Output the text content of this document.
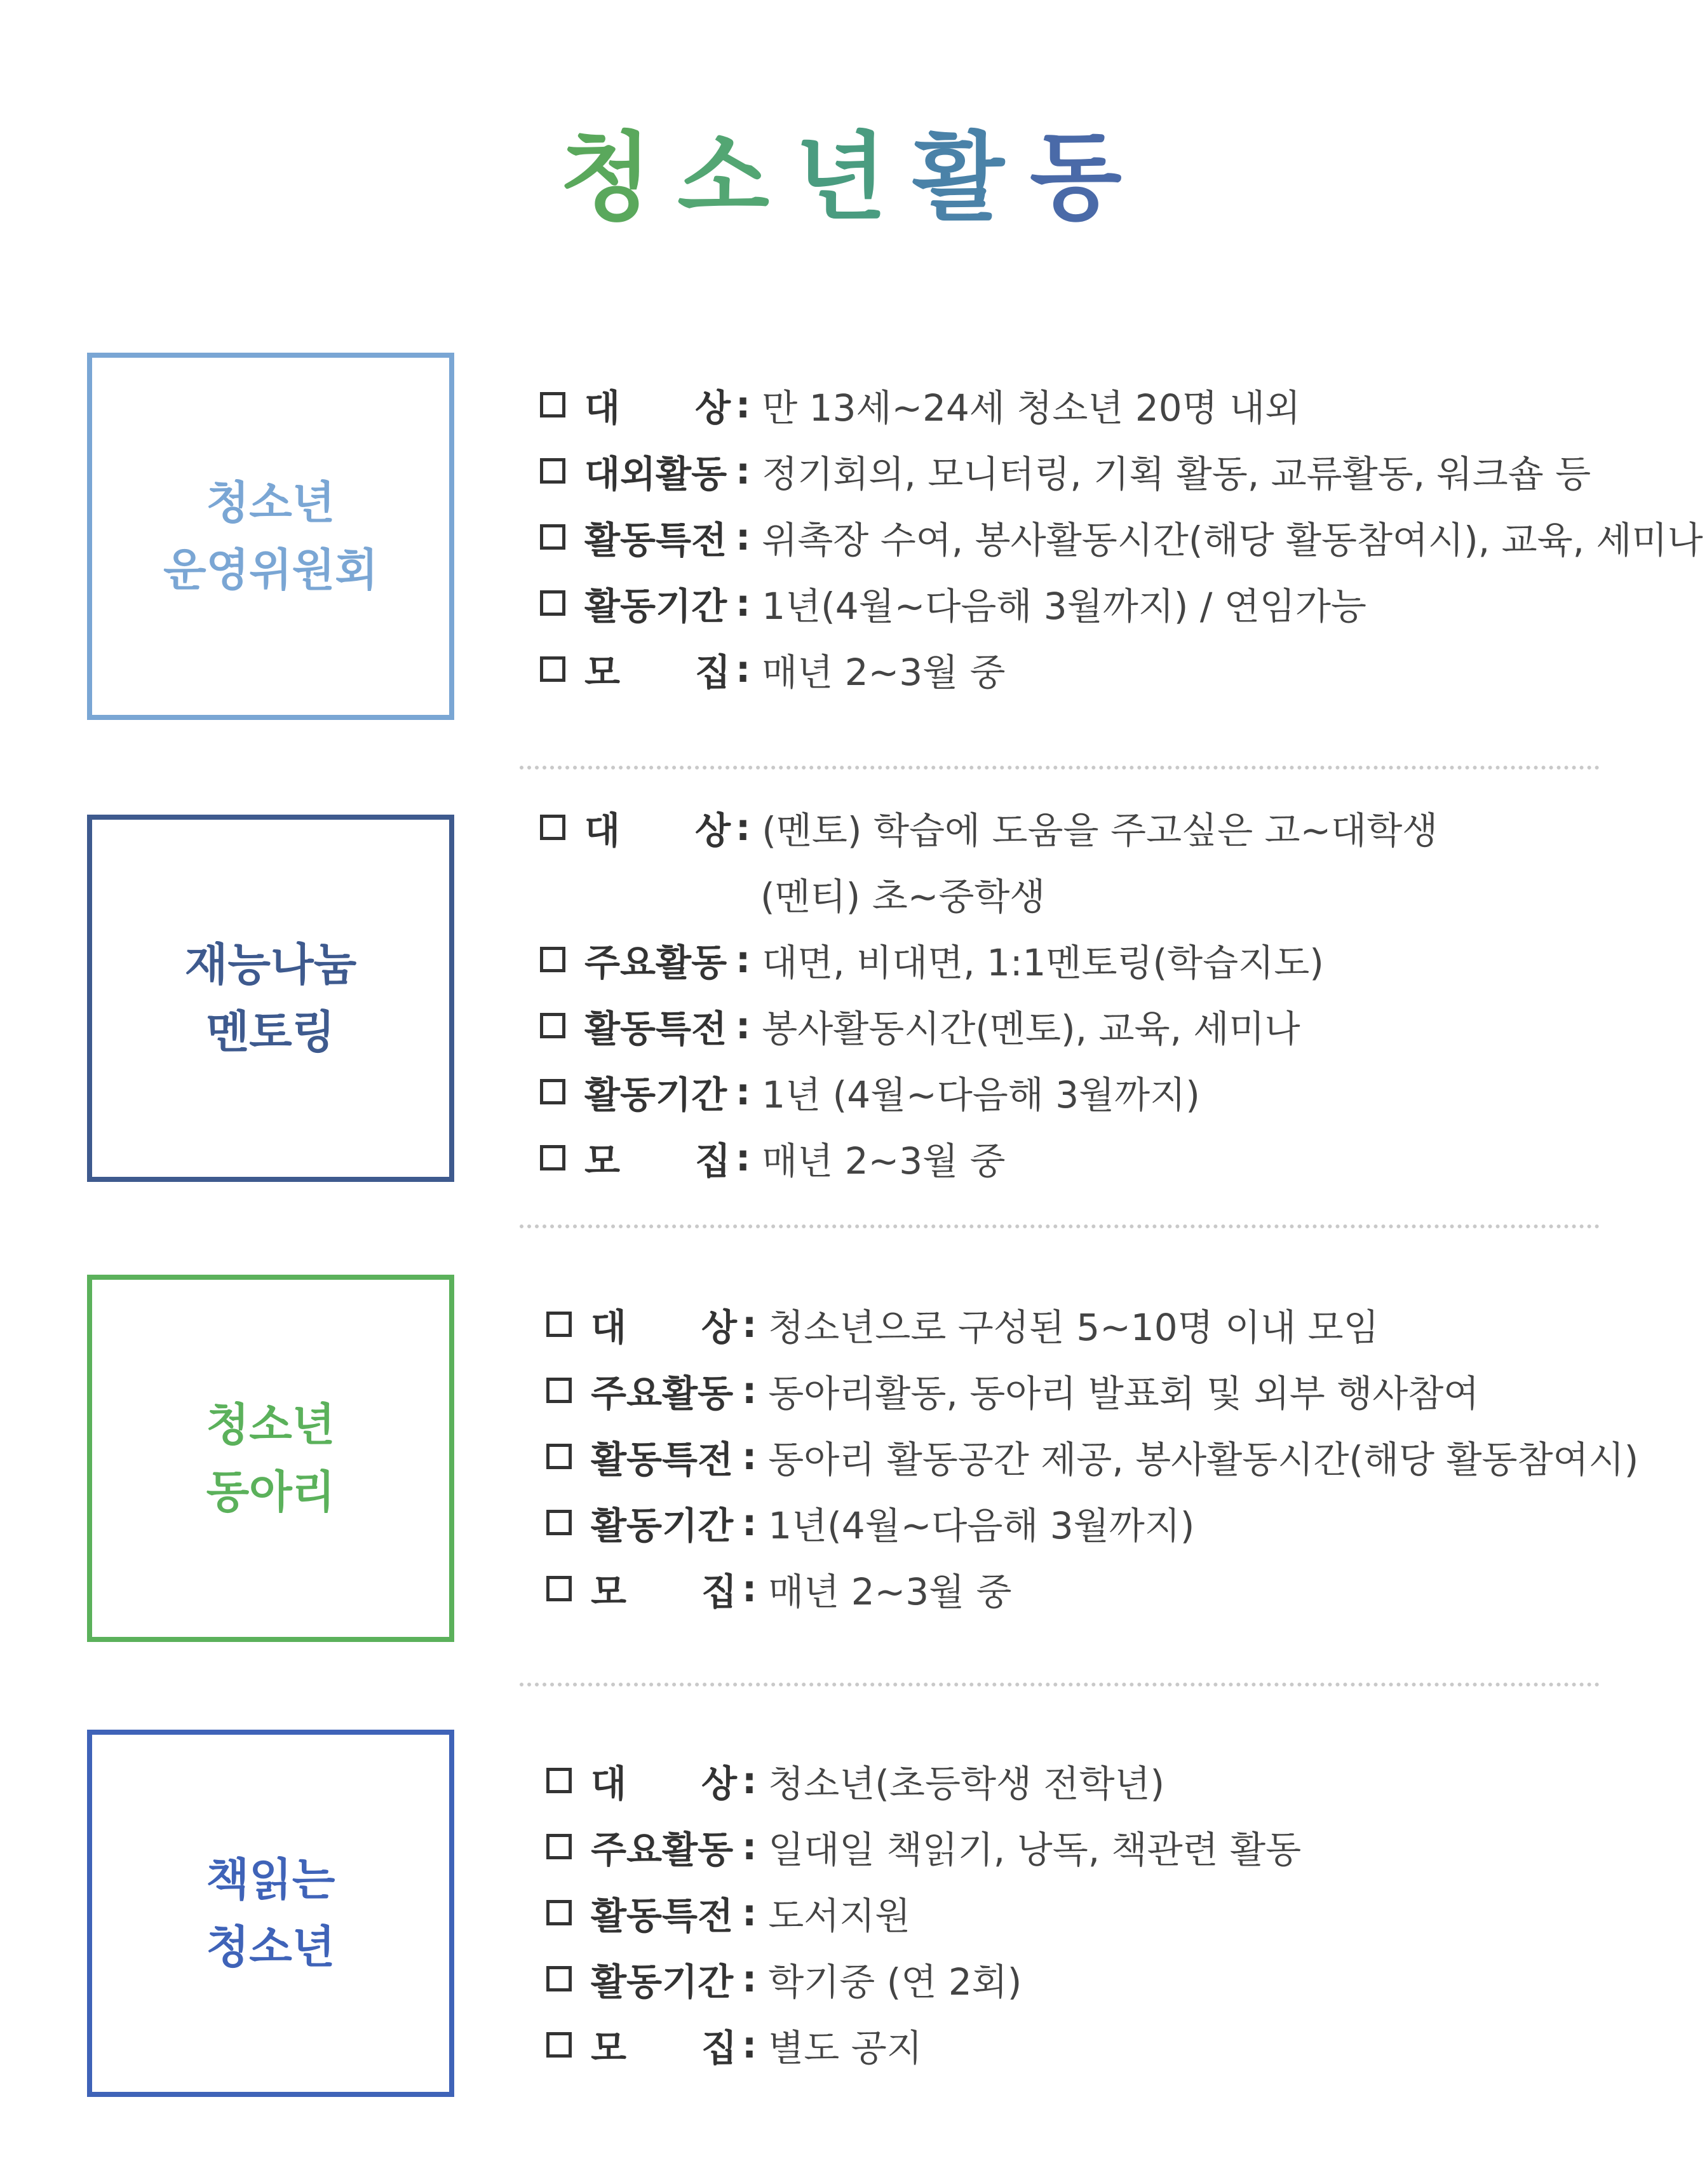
청소년활동
청소년
운영위원회
대 상 : 만 13세~24세 청소년 20명 내외
대외활동 : 정기회의, 모니터링, 기획 활동, 교류활동, 워크숍 등
활동특전 : 위촉장 수여, 봉사활동시간(해당 활동참여시), 교육, 세미나
활동기간 : 1년(4월~다음해 3월까지) / 연임가능
모 집 : 매년 2~3월 중
재능나눔
멘토링
대 상 : (멘토) 학습에 도움을 주고싶은 고~대학생
(멘티) 초~중학생
주요활동 : 대면, 비대면, 1:1멘토링(학습지도)
활동특전 : 봉사활동시간(멘토), 교육, 세미나
활동기간 : 1년 (4월~다음해 3월까지)
모 집 : 매년 2~3월 중
청소년
동아리
대 상 : 청소년으로 구성된 5~10명 이내 모임
주요활동 : 동아리활동, 동아리 발표회 및 외부 행사참여
활동특전 : 동아리 활동공간 제공, 봉사활동시간(해당 활동참여시)
활동기간 : 1년(4월~다음해 3월까지)
모 집 : 매년 2~3월 중
책읽는
청소년
대 상 : 청소년(초등학생 전학년)
주요활동 : 일대일 책읽기, 낭독, 책관련 활동
활동특전 : 도서지원
활동기간 : 학기중 (연 2회)
모 집 : 별도 공지
